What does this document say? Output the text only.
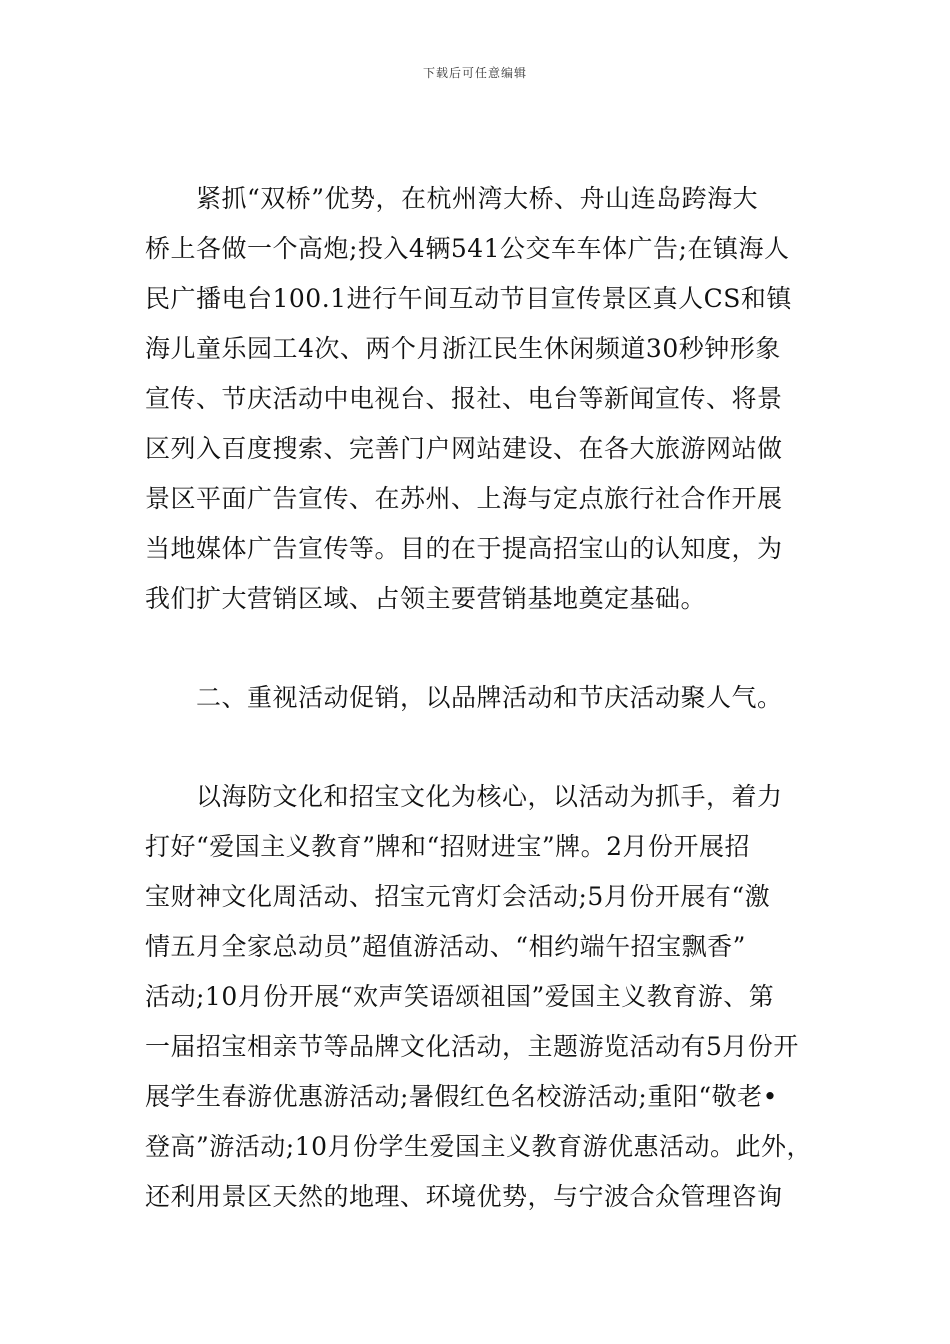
下载后可任意编辑
紧抓“双桥”优势，在杭州湾大桥、舟山连岛跨海大
桥上各做一个高炮;投入4辆541公交车车体广告;在镇海人
民广播电台100.1进行午间互动节目宣传景区真人CS和镇
海儿童乐园工4次、两个月浙江民生休闲频道30秒钟形象
宣传、节庆活动中电视台、报社、电台等新闻宣传、将景
区列入百度搜索、完善门户网站建设、在各大旅游网站做
景区平面广告宣传、在苏州、上海与定点旅行社合作开展
当地媒体广告宣传等。目的在于提高招宝山的认知度，为
我们扩大营销区域、占领主要营销基地奠定基础。
二、重视活动促销，以品牌活动和节庆活动聚人气。
以海防文化和招宝文化为核心，以活动为抓手，着力
打好“爱国主义教育”牌和“招财进宝”牌。2月份开展招
宝财神文化周活动、招宝元宵灯会活动;5月份开展有“激
情五月全家总动员”超值游活动、“相约端午招宝飘香”
活动;10月份开展“欢声笑语颂祖国”爱国主义教育游、第
一届招宝相亲节等品牌文化活动，主题游览活动有5月份开
展学生春游优惠游活动;暑假红色名校游活动;重阳“敬老•
登高”游活动;10月份学生爱国主义教育游优惠活动。此外，
还利用景区天然的地理、环境优势，与宁波合众管理咨询
